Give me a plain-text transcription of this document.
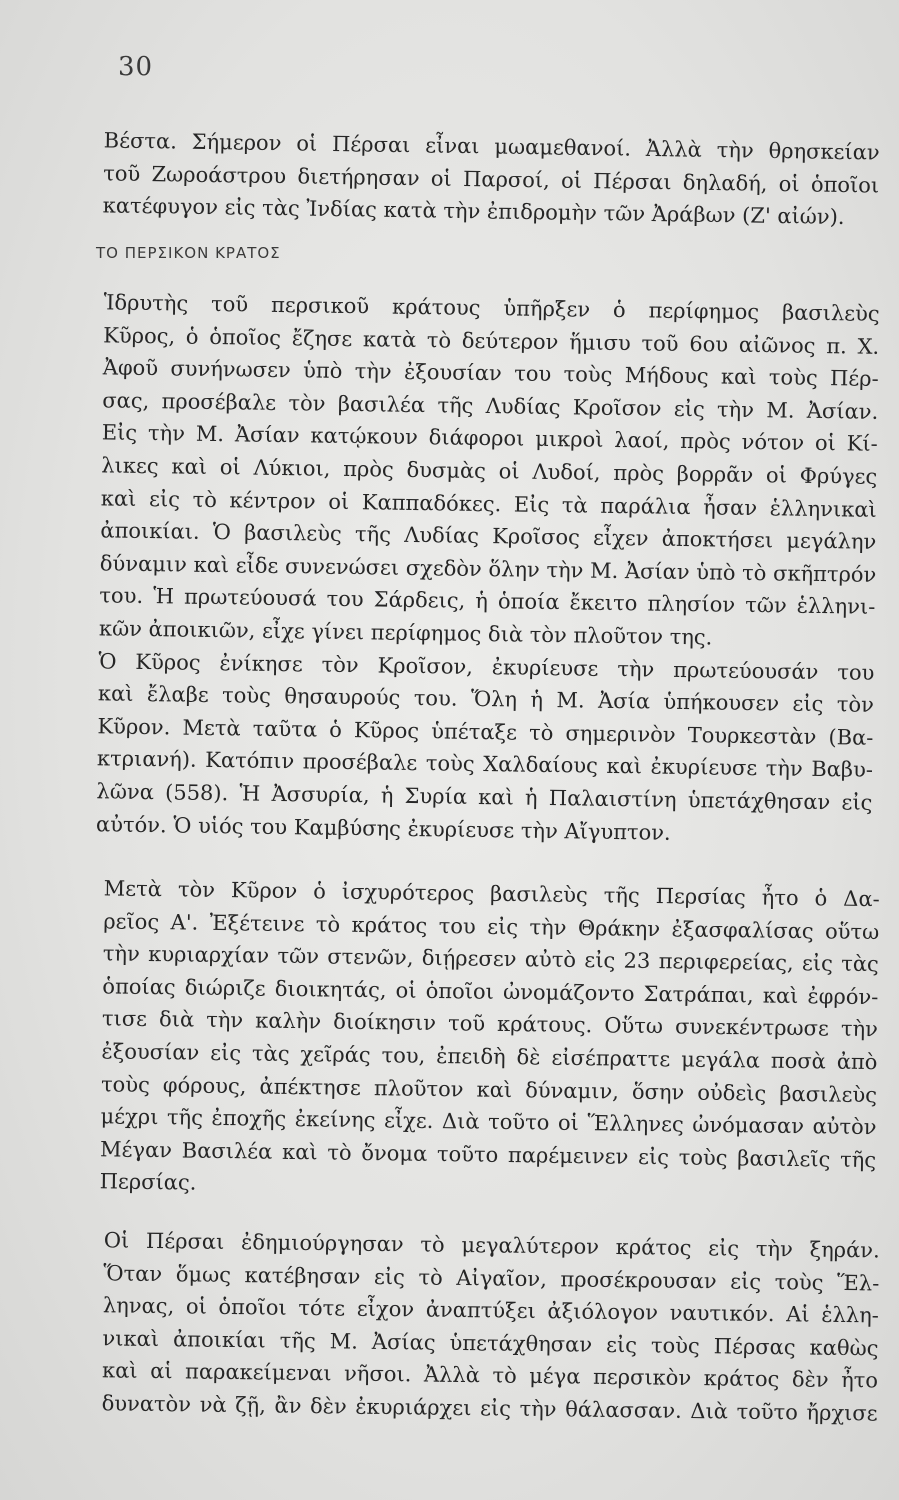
30
Βέστα. Σήμερον οἱ Πέρσαι εἶναι μωαμεθανοί. Ἀλλὰ τὴν θρησκείαν
τοῦ Ζωροάστρου διετήρησαν οἱ Παρσοί, οἱ Πέρσαι δηλαδή, οἱ ὁποῖοι
κατέφυγον εἰς τὰς Ἰνδίας κατὰ τὴν ἐπιδρομὴν τῶν Ἀράβων (Ζ' αἰών).
ΤΟ ΠΕΡΣΙΚΟΝ ΚΡΑΤΟΣ
Ἱδρυτὴς τοῦ περσικοῦ κράτους ὑπῆρξεν ὁ περίφημος βασιλεὺς
Κῦρος, ὁ ὁποῖος ἔζησε κατὰ τὸ δεύτερον ἥμισυ τοῦ 6ου αἰῶνος π. Χ.
Ἀφοῦ συνήνωσεν ὑπὸ τὴν ἐξουσίαν του τοὺς Μήδους καὶ τοὺς Πέρ-
σας, προσέβαλε τὸν βασιλέα τῆς Λυδίας Κροῖσον εἰς τὴν Μ. Ἀσίαν.
Εἰς τὴν Μ. Ἀσίαν κατῴκουν διάφοροι μικροὶ λαοί, πρὸς νότον οἱ Κί-
λικες καὶ οἱ Λύκιοι, πρὸς δυσμὰς οἱ Λυδοί, πρὸς βορρᾶν οἱ Φρύγες
καὶ εἰς τὸ κέντρον οἱ Καππαδόκες. Εἰς τὰ παράλια ἦσαν ἑλληνικαὶ
ἀποικίαι. Ὁ βασιλεὺς τῆς Λυδίας Κροῖσος εἶχεν ἀποκτήσει μεγάλην
δύναμιν καὶ εἶδε συνενώσει σχεδὸν ὅλην τὴν Μ. Ἀσίαν ὑπὸ τὸ σκῆπτρόν
του. Ἡ πρωτεύουσά του Σάρδεις, ἡ ὁποία ἔκειτο πλησίον τῶν ἑλληνι-
κῶν ἀποικιῶν, εἶχε γίνει περίφημος διὰ τὸν πλοῦτον της.
Ὁ Κῦρος ἐνίκησε τὸν Κροῖσον, ἐκυρίευσε τὴν πρωτεύουσάν του
καὶ ἔλαβε τοὺς θησαυρούς του. Ὅλη ἡ Μ. Ἀσία ὑπήκουσεν εἰς τὸν
Κῦρον. Μετὰ ταῦτα ὁ Κῦρος ὑπέταξε τὸ σημερινὸν Τουρκεστὰν (Βα-
κτριανή). Κατόπιν προσέβαλε τοὺς Χαλδαίους καὶ ἐκυρίευσε τὴν Βαβυ-
λῶνα (558). Ἡ Ἀσσυρία, ἡ Συρία καὶ ἡ Παλαιστίνη ὑπετάχθησαν εἰς
αὐτόν. Ὁ υἱός του Καμβύσης ἐκυρίευσε τὴν Αἴγυπτον.
Μετὰ τὸν Κῦρον ὁ ἰσχυρότερος βασιλεὺς τῆς Περσίας ἦτο ὁ Δα-
ρεῖος Α'. Ἐξέτεινε τὸ κράτος του εἰς τὴν Θράκην ἐξασφαλίσας οὕτω
τὴν κυριαρχίαν τῶν στενῶν, διῄρεσεν αὐτὸ εἰς 23 περιφερείας, εἰς τὰς
ὁποίας διώριζε διοικητάς, οἱ ὁποῖοι ὠνομάζοντο Σατράπαι, καὶ ἐφρόν-
τισε διὰ τὴν καλὴν διοίκησιν τοῦ κράτους. Οὕτω συνεκέντρωσε τὴν
ἐξουσίαν εἰς τὰς χεῖράς του, ἐπειδὴ δὲ εἰσέπραττε μεγάλα ποσὰ ἀπὸ
τοὺς φόρους, ἀπέκτησε πλοῦτον καὶ δύναμιν, ὅσην οὐδεὶς βασιλεὺς
μέχρι τῆς ἐποχῆς ἐκείνης εἶχε. Διὰ τοῦτο οἱ Ἕλληνες ὠνόμασαν αὐτὸν
Μέγαν Βασιλέα καὶ τὸ ὄνομα τοῦτο παρέμεινεν εἰς τοὺς βασιλεῖς τῆς
Περσίας.
Οἱ Πέρσαι ἐδημιούργησαν τὸ μεγαλύτερον κράτος εἰς τὴν ξηράν.
Ὅταν ὅμως κατέβησαν εἰς τὸ Αἰγαῖον, προσέκρουσαν εἰς τοὺς Ἕλ-
ληνας, οἱ ὁποῖοι τότε εἶχον ἀναπτύξει ἀξιόλογον ναυτικόν. Αἱ ἑλλη-
νικαὶ ἀποικίαι τῆς Μ. Ἀσίας ὑπετάχθησαν εἰς τοὺς Πέρσας καθὼς
καὶ αἱ παρακείμεναι νῆσοι. Ἀλλὰ τὸ μέγα περσικὸν κράτος δὲν ἦτο
δυνατὸν νὰ ζῇ, ἂν δὲν ἐκυριάρχει εἰς τὴν θάλασσαν. Διὰ τοῦτο ἤρχισε
